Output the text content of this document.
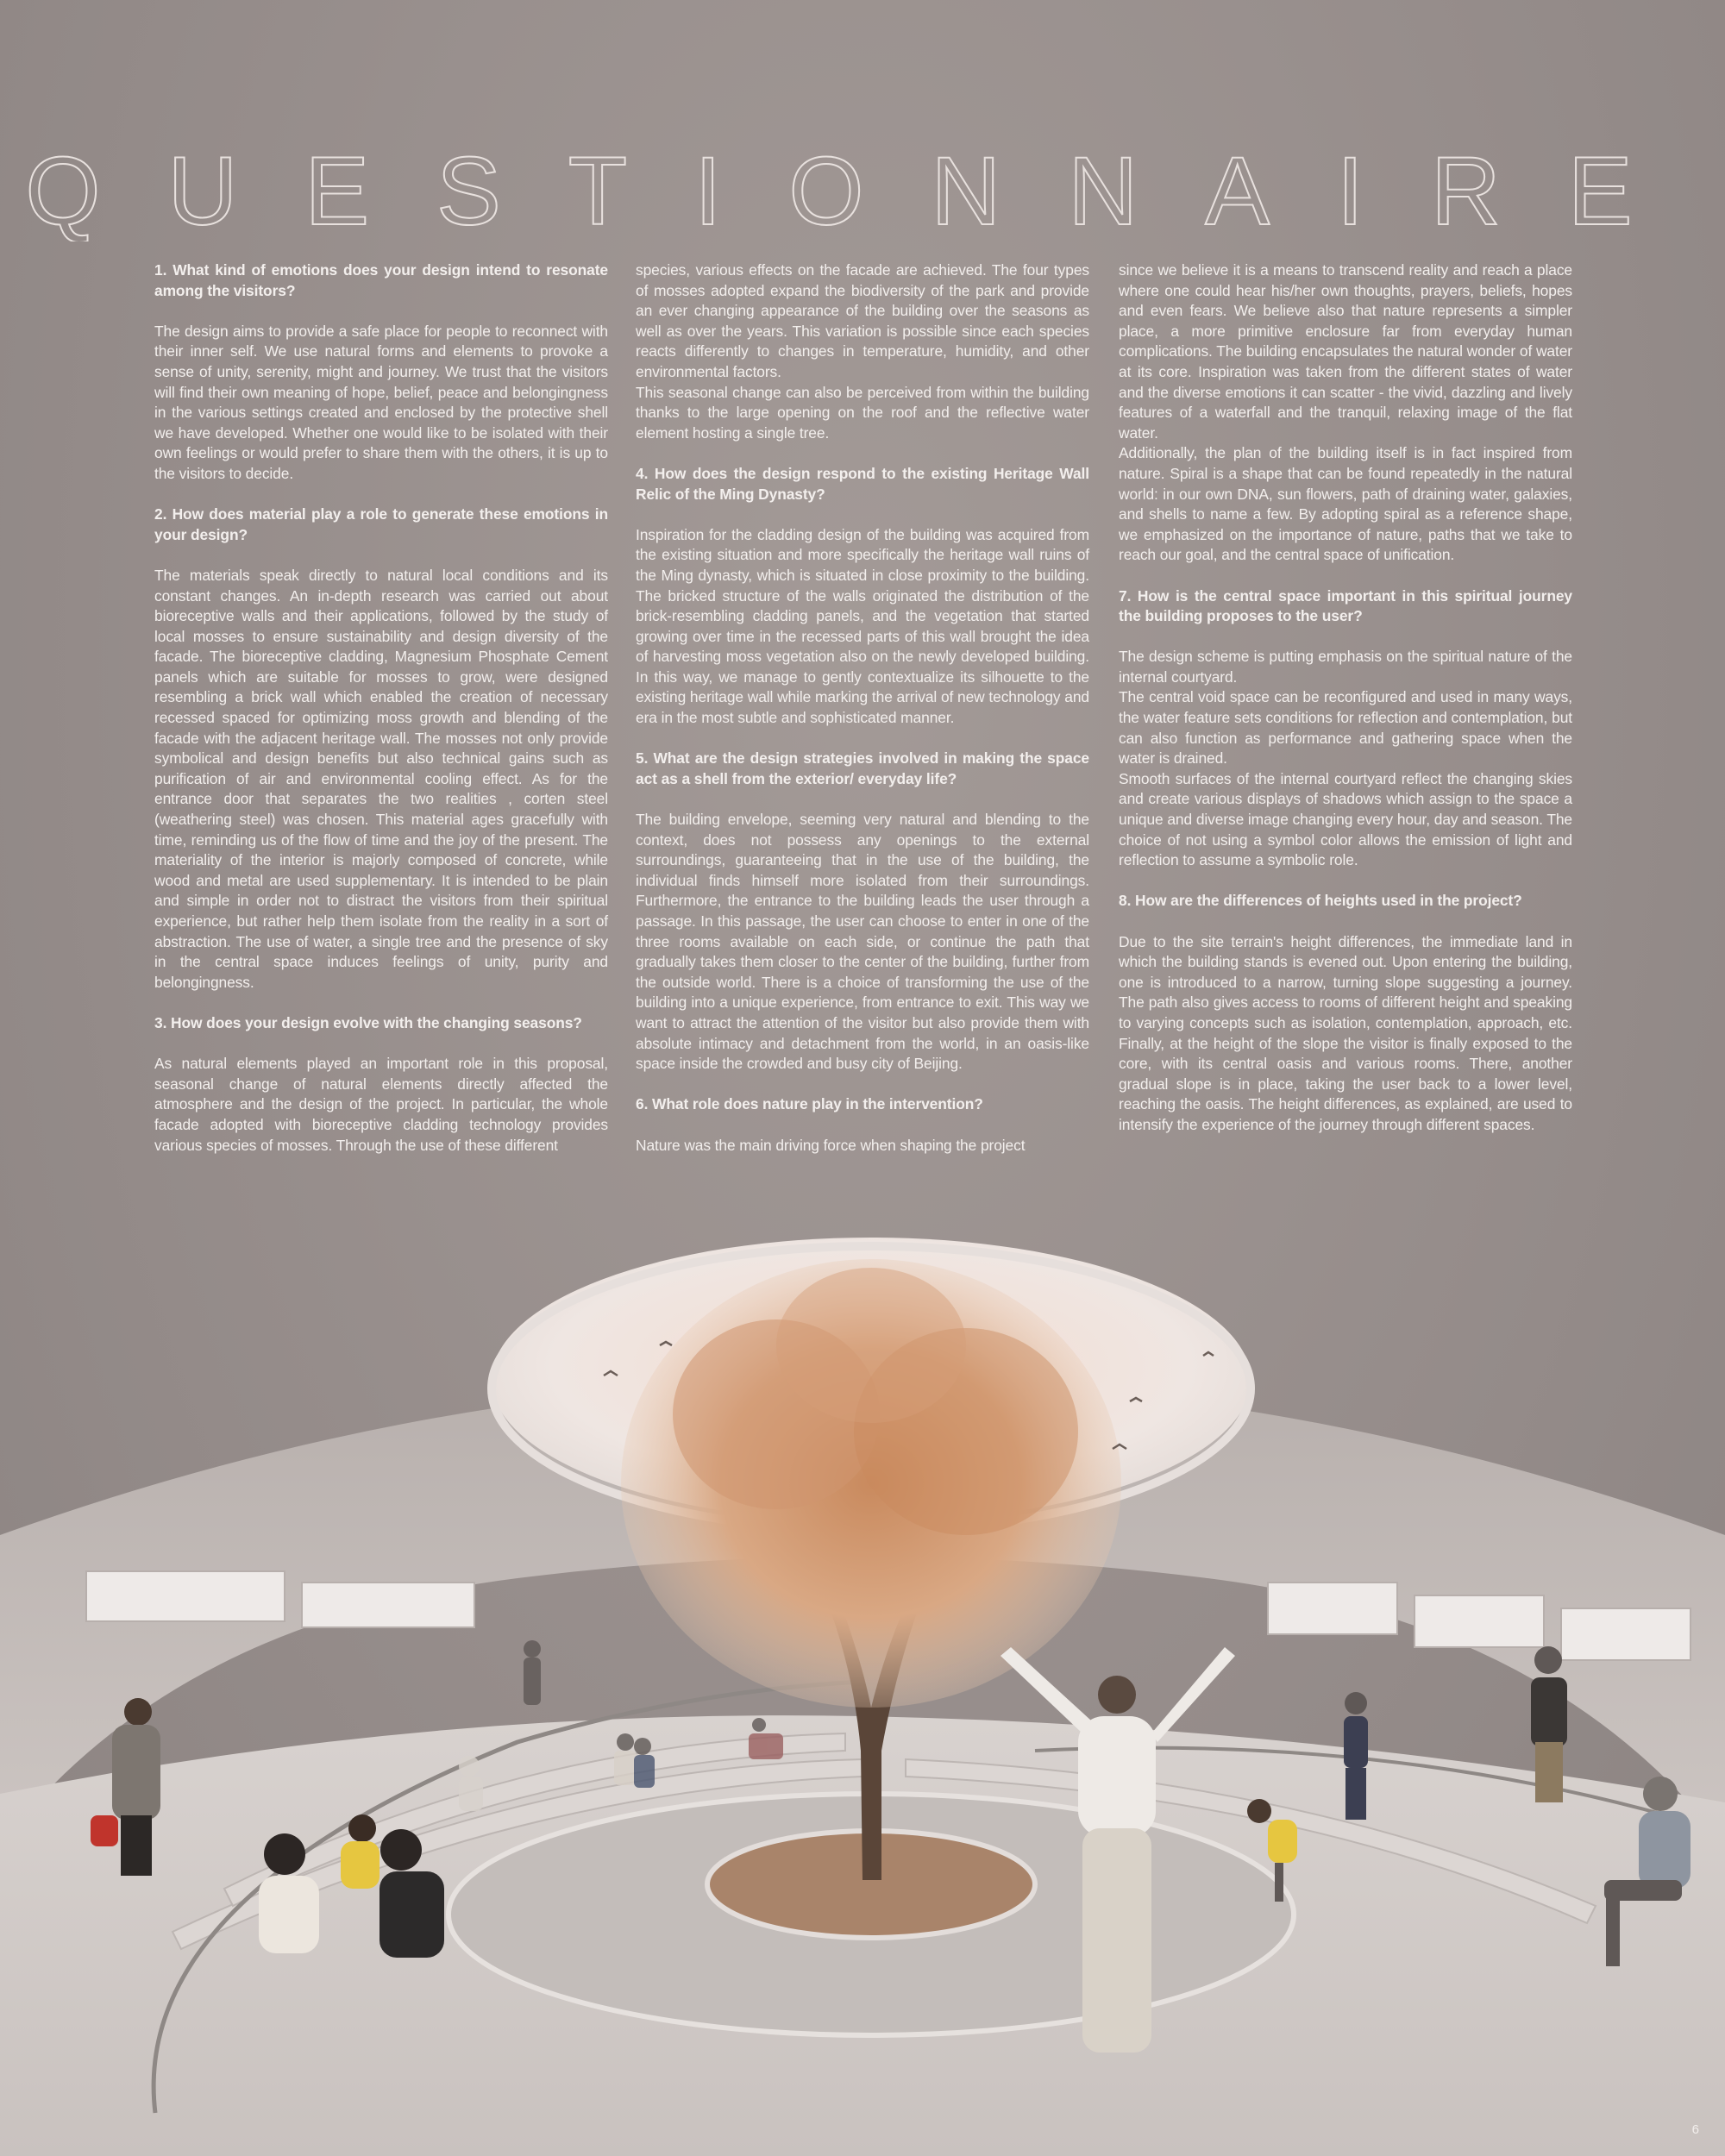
QUESTIONNAIRE

1. What kind of emotions does your design intend to resonate among the visitors?

The design aims to provide a safe place for people to reconnect with their inner self. We use natural forms and elements to provoke a sense of unity, serenity, might and journey. We trust that the visitors will find their own meaning of hope, belief, peace and belongingness in the various settings created and enclosed by the protective shell we have developed. Whether one would like to be isolated with their own feelings or would prefer to share them with the others, it is up to the visitors to decide.

2. How does material play a role to generate these emotions in your design?

The materials speak directly to natural local conditions and its constant changes. An in-depth research was carried out about bioreceptive walls and their applications, followed by the study of local mosses to ensure sustainability and design diversity of the facade. The bioreceptive cladding, Magnesium Phosphate Cement panels which are suitable for mosses to grow, were designed resembling a brick wall which enabled the creation of necessary recessed spaced for optimizing moss growth and blending of the facade with the adjacent heritage wall. The mosses not only provide symbolical and design benefits but also technical gains such as purification of air and environmental cooling effect. As for the entrance door that separates the two realities , corten steel (weathering steel) was chosen. This material ages gracefully with time, reminding us of the flow of time and the joy of the present. The materiality of the interior is majorly composed of concrete, while wood and metal are used supplementary. It is intended to be plain and simple in order not to distract the visitors from their spiritual experience, but rather help them isolate from the reality in a sort of abstraction. The use of water, a single tree and the presence of sky in the central space induces feelings of unity, purity and belongingness.

3. How does your design evolve with the changing seasons?

As natural elements played an important role in this proposal, seasonal change of natural elements directly affected the atmosphere and the design of the project. In particular, the whole facade adopted with bioreceptive cladding technology provides various species of mosses. Through the use of these different

species, various effects on the facade are achieved. The four types of mosses adopted expand the biodiversity of the park and provide an ever changing appearance of the building over the seasons as well as over the years. This variation is possible since each species reacts differently to changes in temperature, humidity, and other environmental factors.

This seasonal change can also be perceived from within the building thanks to the large opening on the roof and the reflective water element hosting a single tree.

4. How does the design respond to the existing Heritage Wall Relic of the Ming Dynasty?

Inspiration for the cladding design of the building was acquired from the existing situation and more specifically the heritage wall ruins of the Ming dynasty, which is situated in close proximity to the building. The bricked structure of the walls originated the distribution of the brick-resembling cladding panels, and the vegetation that started growing over time in the recessed parts of this wall brought the idea of harvesting moss vegetation also on the newly developed building. In this way, we manage to gently contextualize its silhouette to the existing heritage wall while marking the arrival of new technology and era in the most subtle and sophisticated manner.

5. What are the design strategies involved in making the space act as a shell from the exterior/ everyday life?

The building envelope, seeming very natural and blending to the context, does not possess any openings to the external surroundings, guaranteeing that in the use of the building, the individual finds himself more isolated from their surroundings. Furthermore, the entrance to the building leads the user through a passage. In this passage, the user can choose to enter in one of the three rooms available on each side, or continue the path that gradually takes them closer to the center of the building, further from the outside world. There is a choice of transforming the use of the building into a unique experience, from entrance to exit. This way we want to attract the attention of the visitor but also provide them with absolute intimacy and detachment from the world, in an oasis-like space inside the crowded and busy city of Beijing.

6. What role does nature play in the intervention?

Nature was the main driving force when shaping the project

since we believe it is a means to transcend reality and reach a place where one could hear his/her own thoughts, prayers, beliefs, hopes and even fears. We believe also that nature represents a simpler place, a more primitive enclosure far from everyday human complications. The building encapsulates the natural wonder of water at its core. Inspiration was taken from the different states of water and the diverse emotions it can scatter - the vivid, dazzling and lively features of a waterfall and the tranquil, relaxing image of the flat water.

Additionally, the plan of the building itself is in fact inspired from nature. Spiral is a shape that can be found repeatedly in the natural world: in our own DNA, sun flowers, path of draining water, galaxies, and shells to name a few. By adopting spiral as a reference shape, we emphasized on the importance of nature, paths that we take to reach our goal, and the central space of unification.

7. How is the central space important in this spiritual journey the building proposes to the user?

The design scheme is putting emphasis on the spiritual nature of the internal courtyard.

The central void space can be reconfigured and used in many ways, the water feature sets conditions for reflection and contemplation, but can also function as performance and gathering space when the water is drained.

Smooth surfaces of the internal courtyard reflect the changing skies and create various displays of shadows which assign to the space a unique and diverse image changing every hour, day and season. The choice of not using a symbol color allows the emission of light and reflection to assume a symbolic role.

8. How are the differences of heights used in the project?

Due to the site terrain's height differences, the immediate land in which the building stands is evened out. Upon entering the building, one is introduced to a narrow, turning slope suggesting a journey. The path also gives access to rooms of different height and speaking to varying concepts such as isolation, contemplation, approach, etc. Finally, at the height of the slope the visitor is finally exposed to the core, with its central oasis and various rooms. There, another gradual slope is in place, taking the user back to a lower level, reaching the oasis. The height differences, as explained, are used to intensify the experience of the journey through different spaces.

6
